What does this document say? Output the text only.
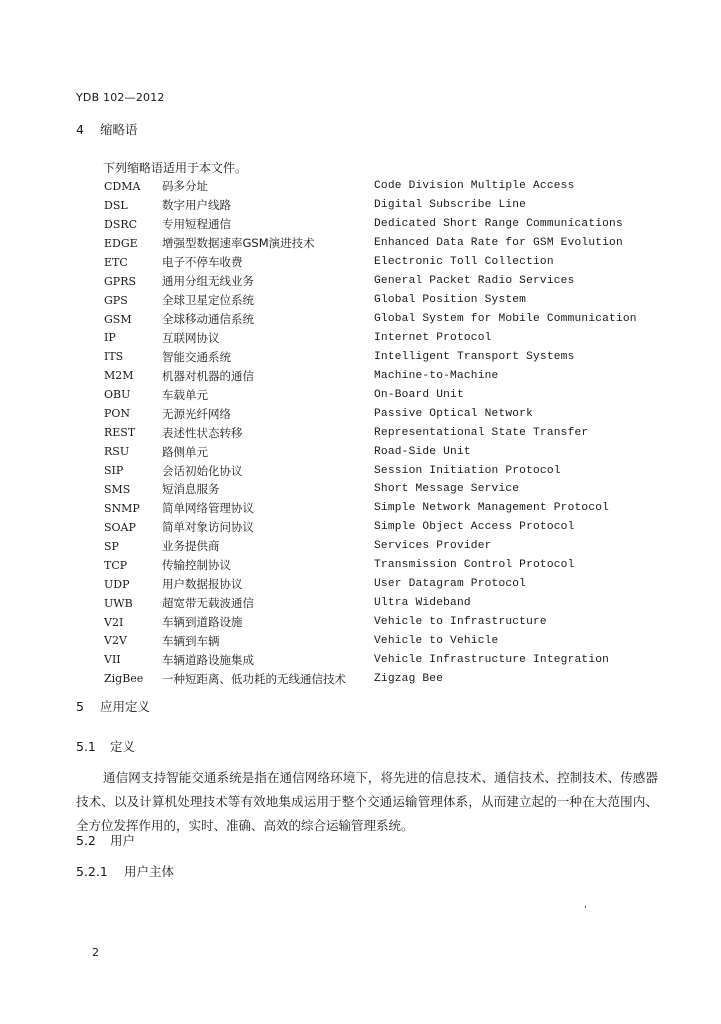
YDB 102—2012
4 缩略语
下列缩略语适用于本文件。
CDMA	码多分址	Code Division Multiple Access
DSL	数字用户线路	Digital Subscribe Line
DSRC	专用短程通信	Dedicated Short Range Communications
EDGE	增强型数据速率GSM演进技术	Enhanced Data Rate for GSM Evolution
ETC	电子不停车收费	Electronic Toll Collection
GPRS	通用分组无线业务	General Packet Radio Services
GPS	全球卫星定位系统	Global Position System
GSM	全球移动通信系统	Global System for Mobile Communication
IP	互联网协议	Internet Protocol
ITS	智能交通系统	Intelligent Transport Systems
M2M	机器对机器的通信	Machine-to-Machine
OBU	车载单元	On-Board Unit
PON	无源光纤网络	Passive Optical Network
REST	表述性状态转移	Representational State Transfer
RSU	路侧单元	Road-Side Unit
SIP	会话初始化协议	Session Initiation Protocol
SMS	短消息服务	Short Message Service
SNMP	简单网络管理协议	Simple Network Management Protocol
SOAP	简单对象访问协议	Simple Object Access Protocol
SP	业务提供商	Services Provider
TCP	传输控制协议	Transmission Control Protocol
UDP	用户数据报协议	User Datagram Protocol
UWB	超宽带无载波通信	Ultra Wideband
V2I	车辆到道路设施	Vehicle to Infrastructure
V2V	车辆到车辆	Vehicle to Vehicle
VII	车辆道路设施集成	Vehicle Infrastructure Integration
ZigBee	一种短距离、低功耗的无线通信技术	Zigzag Bee
5 应用定义
5.1 定义
通信网支持智能交通系统是指在通信网络环境下，将先进的信息技术、通信技术、控制技术、传感器技术、以及计算机处理技术等有效地集成运用于整个交通运输管理体系，从而建立起的一种在大范围内、全方位发挥作用的，实时、准确、高效的综合运输管理系统。
5.2 用户
5.2.1 用户主体
,
2
